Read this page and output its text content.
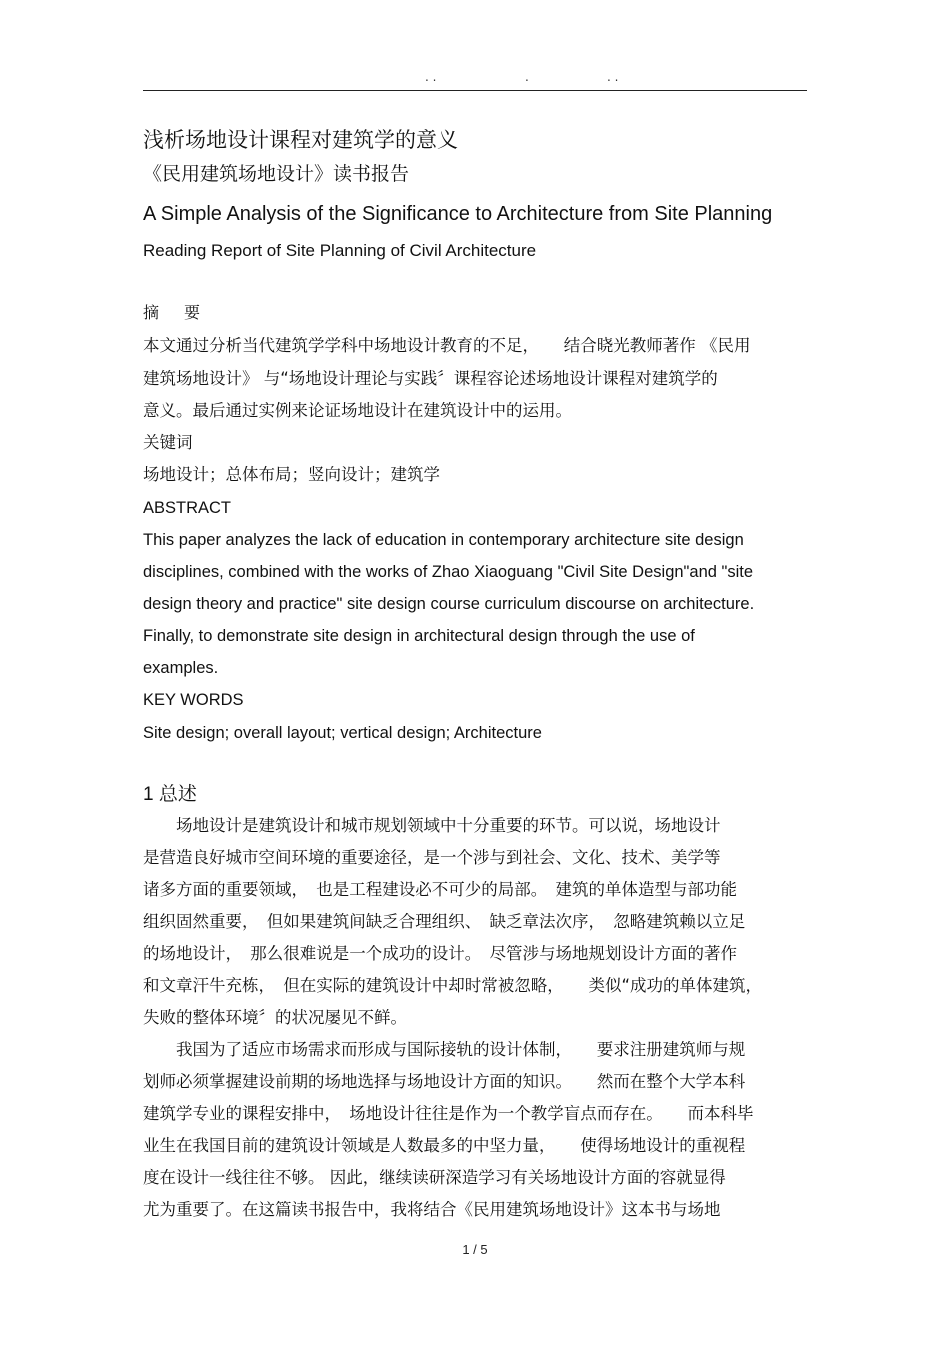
. .	.	. .
浅析场地设计课程对建筑学的意义
《民用建筑场地设计》读书报告
A Simple Analysis of the Significance to Architecture from Site Planning
Reading Report of Site Planning of Civil Architecture
摘 要
本文通过分析当代建筑学学科中场地设计教育的不足，　　结合晓光教师著作 《民用
建筑场地设计》 与“场地设计理论与实践〞课程容论述场地设计课程对建筑学的
意义。最后通过实例来论证场地设计在建筑设计中的运用。
关键词
场地设计；总体布局；竖向设计；建筑学
ABSTRACT
This paper analyzes the lack of education in contemporary architecture site design
disciplines, combined with the works of Zhao Xiaoguang "Civil Site Design"and "site
design theory and practice" site design course curriculum discourse on architecture.
Finally, to demonstrate site design in architectural design through the use of
examples.
KEY WORDS
Site design; overall layout; vertical design; Architecture
1 总述
　　场地设计是建筑设计和城市规划领域中十分重要的环节。可以说，场地设计
是营造良好城市空间环境的重要途径，是一个涉与到社会、文化、技术、美学等
诸多方面的重要领域，　也是工程建设必不可少的局部。　建筑的单体造型与部功能
组织固然重要，　但如果建筑间缺乏合理组织、　缺乏章法次序，　忽略建筑赖以立足
的场地设计，　那么很难说是一个成功的设计。　尽管涉与场地规划设计方面的著作
和文章汗牛充栋，　但在实际的建筑设计中却时常被忽略，　　类似“成功的单体建筑，
失败的整体环境〞的状况屡见不鲜。
　　我国为了适应市场需求而形成与国际接轨的设计体制，　　要求注册建筑师与规
划师必须掌握建设前期的场地选择与场地设计方面的知识。　　然而在整个大学本科
建筑学专业的课程安排中，　场地设计往往是作为一个教学盲点而存在。　　而本科毕
业生在我国目前的建筑设计领域是人数最多的中坚力量，　　使得场地设计的重视程
度在设计一线往往不够。 因此，继续读研深造学习有关场地设计方面的容就显得
尤为重要了。在这篇读书报告中，我将结合《民用建筑场地设计》这本书与场地
1 / 5
